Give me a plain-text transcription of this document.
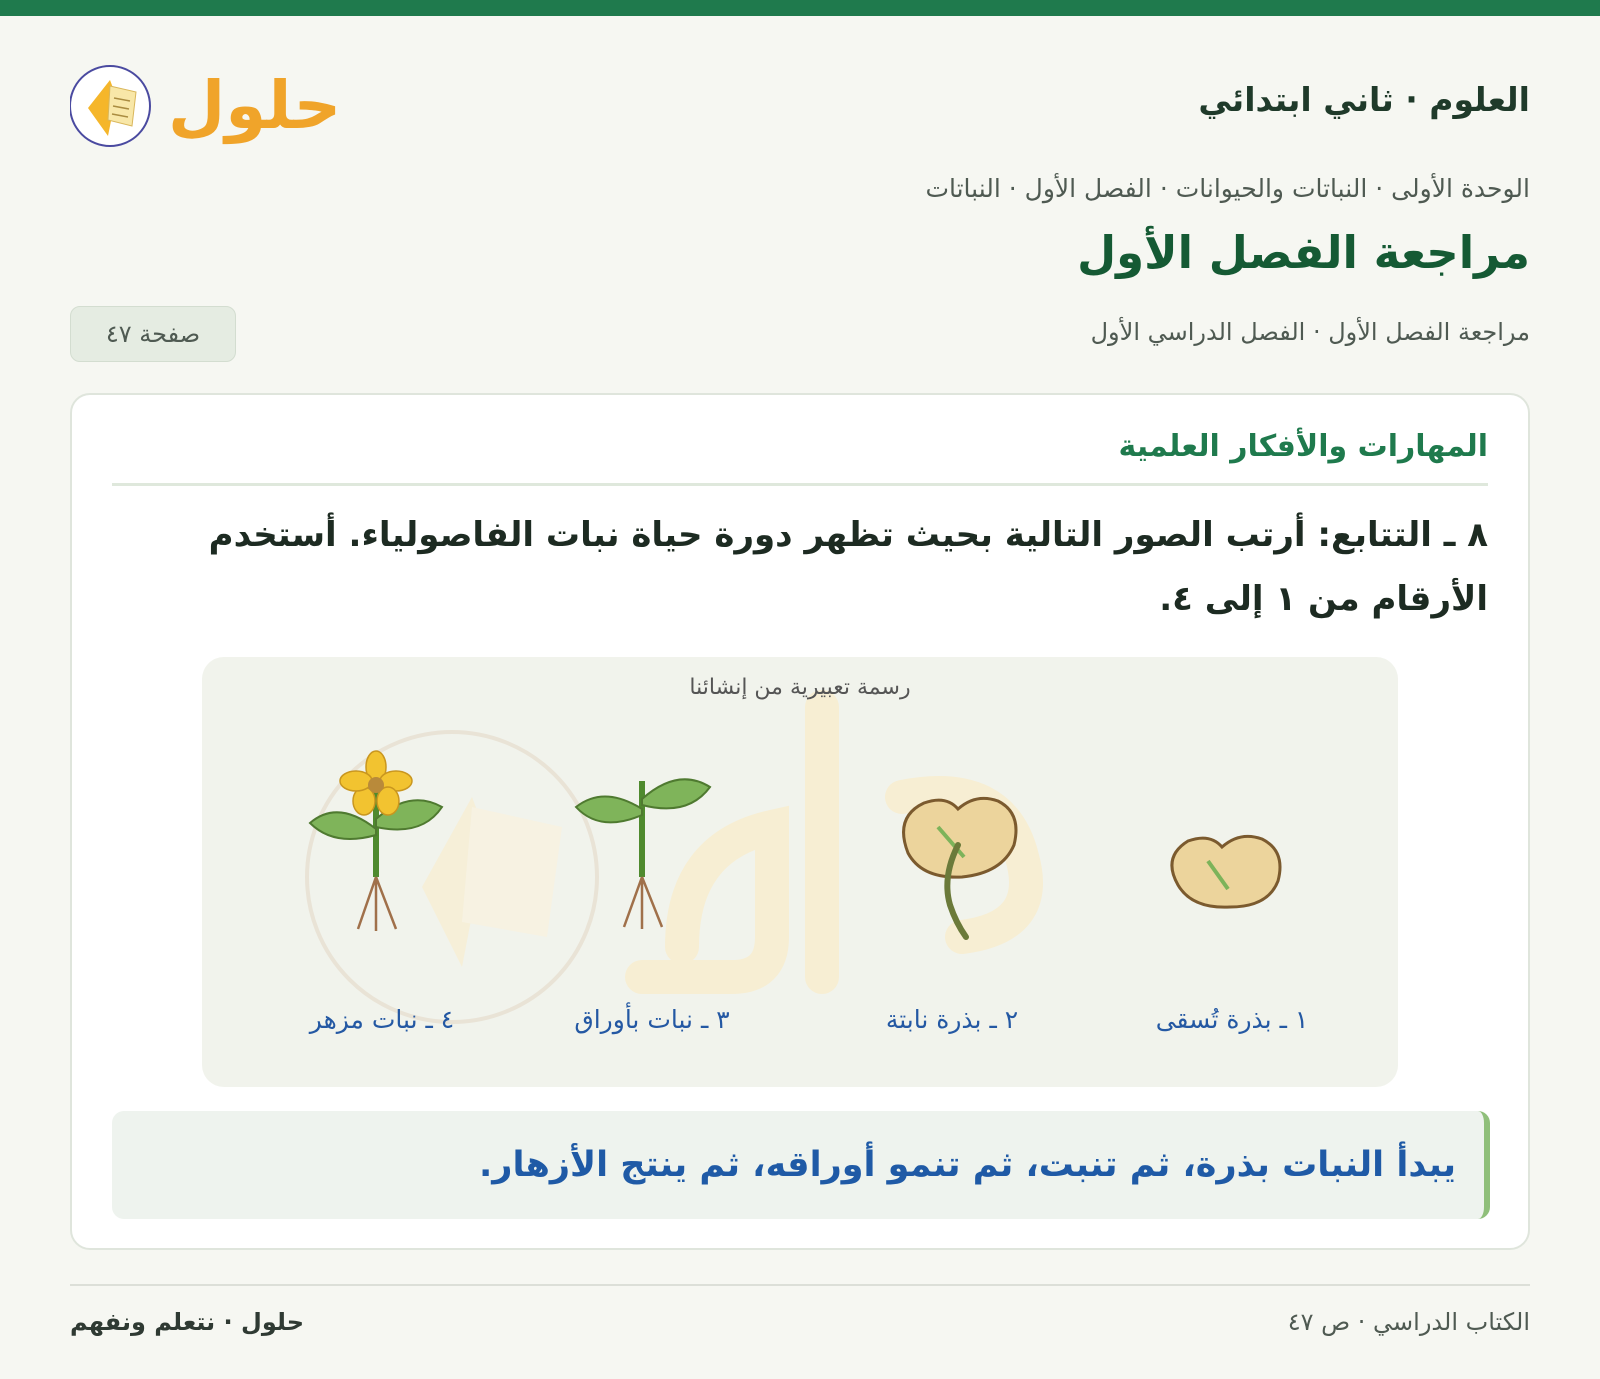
العلوم · ثاني ابتدائي
حلول
الوحدة الأولى · النباتات والحيوانات · الفصل الأول · النباتات
مراجعة الفصل الأول
مراجعة الفصل الأول · الفصل الدراسي الأول
صفحة ٤٧
المهارات والأفكار العلمية

٨ ـ التتابع: أرتب الصور التالية بحيث تظهر دورة حياة نبات الفاصولياء. أستخدم الأرقام من ١ إلى ٤.

رسمة تعبيرية من إنشائنا
١ ـ بذرة تُسقى
٢ ـ بذرة نابتة
٣ ـ نبات بأوراق
٤ ـ نبات مزهر
يبدأ النبات بذرة، ثم تنبت، ثم تنمو أوراقه، ثم ينتج الأزهار.
حلول · نتعلم ونفهم	الكتاب الدراسي · ص ٤٧
